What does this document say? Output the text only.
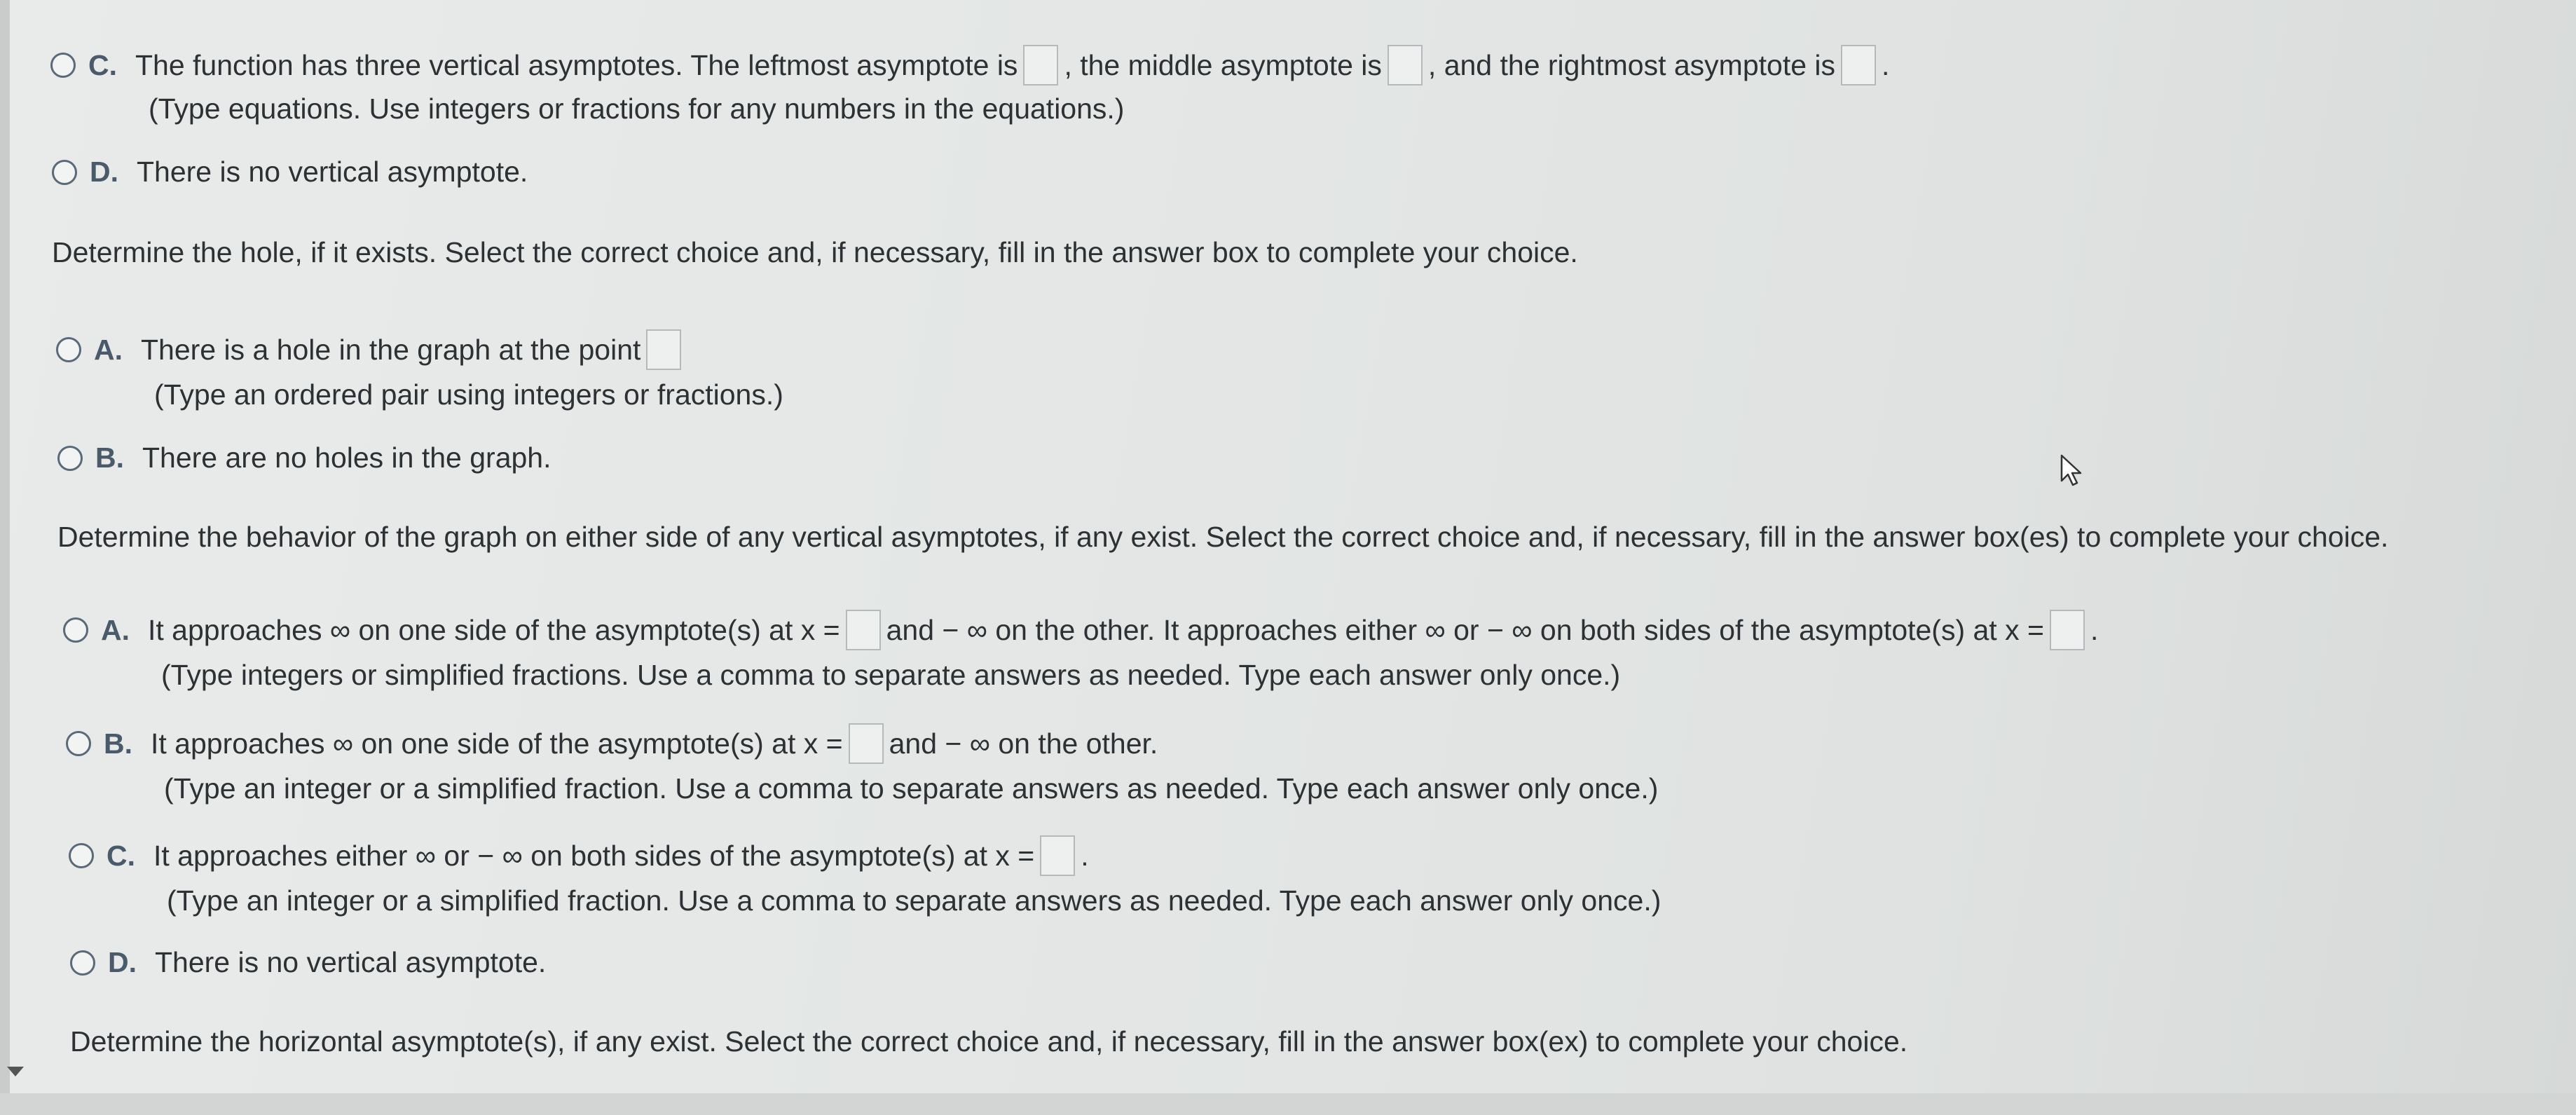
C. The function has three vertical asymptotes. The leftmost asymptote is , the middle asymptote is , and the rightmost asymptote is .
(Type equations. Use integers or fractions for any numbers in the equations.)
D. There is no vertical asymptote.
Determine the hole, if it exists. Select the correct choice and, if necessary, fill in the answer box to complete your choice.
A. There is a hole in the graph at the point
(Type an ordered pair using integers or fractions.)
B. There are no holes in the graph.
Determine the behavior of the graph on either side of any vertical asymptotes, if any exist. Select the correct choice and, if necessary, fill in the answer box(es) to complete your choice.
A. It approaches ∞ on one side of the asymptote(s) at x = and − ∞ on the other. It approaches either ∞ or − ∞ on both sides of the asymptote(s) at x = .
(Type integers or simplified fractions. Use a comma to separate answers as needed. Type each answer only once.)
B. It approaches ∞ on one side of the asymptote(s) at x = and − ∞ on the other.
(Type an integer or a simplified fraction. Use a comma to separate answers as needed. Type each answer only once.)
C. It approaches either ∞ or − ∞ on both sides of the asymptote(s) at x = .
(Type an integer or a simplified fraction. Use a comma to separate answers as needed. Type each answer only once.)
D. There is no vertical asymptote.
Determine the horizontal asymptote(s), if any exist. Select the correct choice and, if necessary, fill in the answer box(ex) to complete your choice.
